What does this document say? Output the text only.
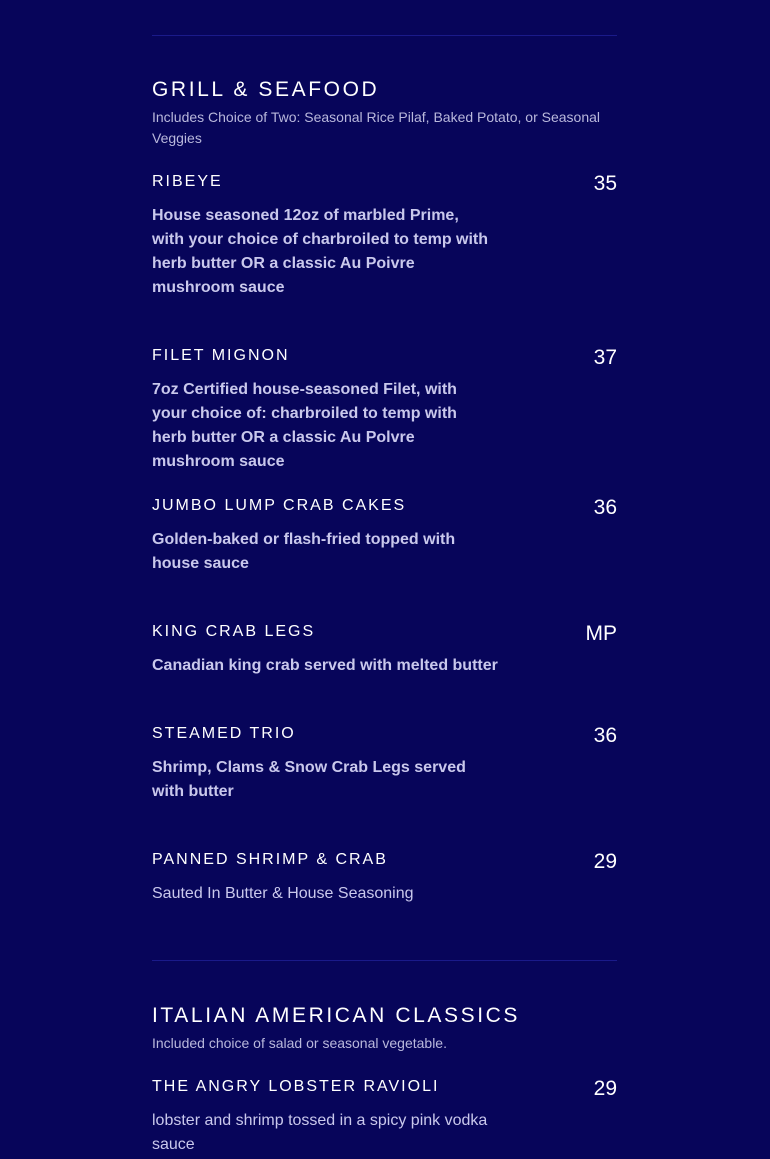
GRILL & SEAFOOD
Includes Choice of Two: Seasonal Rice Pilaf, Baked Potato, or Seasonal Veggies
RIBEYE	35
House seasoned 12oz of marbled Prime, with your choice of charbroiled to temp with herb butter OR a classic Au Poivre mushroom sauce
FILET MIGNON	37
7oz Certified house-seasoned Filet, with your choice of: charbroiled to temp with herb butter OR a classic Au Polvre mushroom sauce
JUMBO LUMP CRAB CAKES	36
Golden-baked or flash-fried topped with house sauce
KING CRAB LEGS	MP
Canadian king crab served with melted butter
STEAMED TRIO	36
Shrimp, Clams & Snow Crab Legs served with butter
PANNED SHRIMP & CRAB	29
Sauted In Butter & House Seasoning
ITALIAN AMERICAN CLASSICS
Included choice of salad or seasonal vegetable.
THE ANGRY LOBSTER RAVIOLI	29
lobster and shrimp tossed in a spicy pink vodka sauce
